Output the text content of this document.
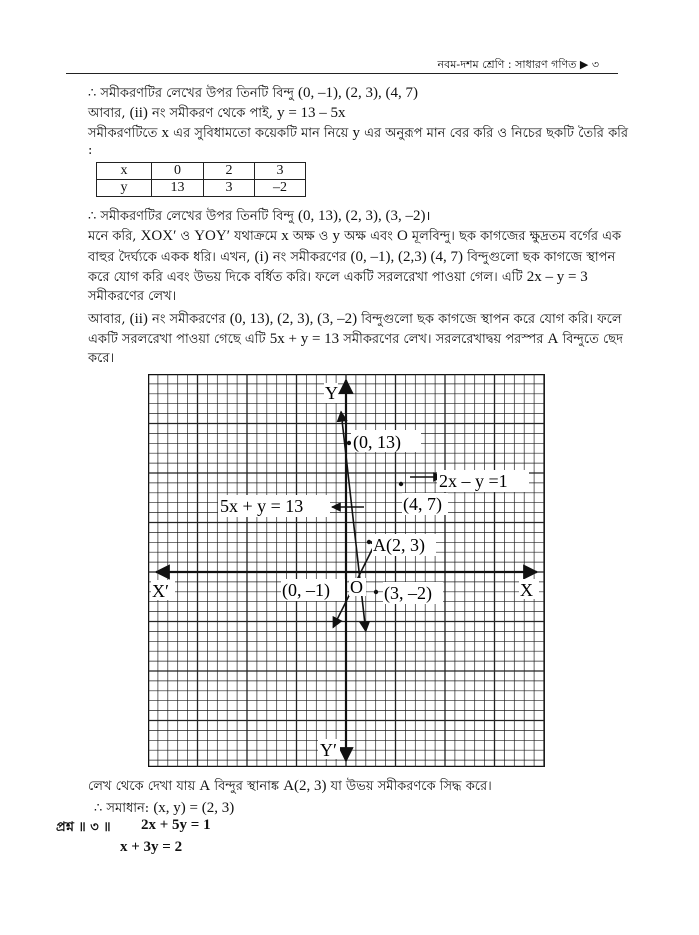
নবম-দশম শ্রেণি : সাধারণ গণিত ▶ ৩
∴ সমীকরণটির লেখের উপর তিনটি বিন্দু (0, –1), (2, 3), (4, 7)
আবার, (ii) নং সমীকরণ থেকে পাই, y = 13 – 5x
সমীকরণটিতে x এর সুবিধামতো কয়েকটি মান নিয়ে y এর অনুরূপ মান বের করি ও নিচের ছকটি তৈরি করি
:
x	0	2	3
y	13	3	–2
∴ সমীকরণটির লেখের উপর তিনটি বিন্দু (0, 13), (2, 3), (3, –2)।
মনে করি, XOX′ ও YOY′ যথাক্রমে x অক্ষ ও y অক্ষ এবং O মূলবিন্দু। ছক কাগজের ক্ষুদ্রতম বর্গের এক
বাহুর দৈর্ঘ্যকে একক ধরি। এখন, (i) নং সমীকরণের (0, –1), (2,3) (4, 7) বিন্দুগুলো ছক কাগজে স্থাপন
করে যোগ করি এবং উভয় দিকে বর্ধিত করি। ফলে একটি সরলরেখা পাওয়া গেল। এটি 2x – y = 3
সমীকরণের লেখ।
আবার, (ii) নং সমীকরণের (0, 13), (2, 3), (3, –2) বিন্দুগুলো ছক কাগজে স্থাপন করে যোগ করি। ফলে
একটি সরলরেখা পাওয়া গেছে এটি 5x + y = 13 সমীকরণের লেখ। সরলরেখাদ্বয় পরস্পর A বিন্দুতে ছেদ
করে।
Y
Y′
X′	X
O
(0, 13)
(4, 7)
A(2, 3)
(0, –1)	(3, –2)
2x – y =1
5x + y = 13
লেখ থেকে দেখা যায় A বিন্দুর স্থানাঙ্ক A(2, 3) যা উভয় সমীকরণকে সিদ্ধ করে।
∴ সমাধান: (x, y) = (2, 3)
প্রশ্ন ॥ ৩ ॥ 2x + 5y = 1
x + 3y = 2
